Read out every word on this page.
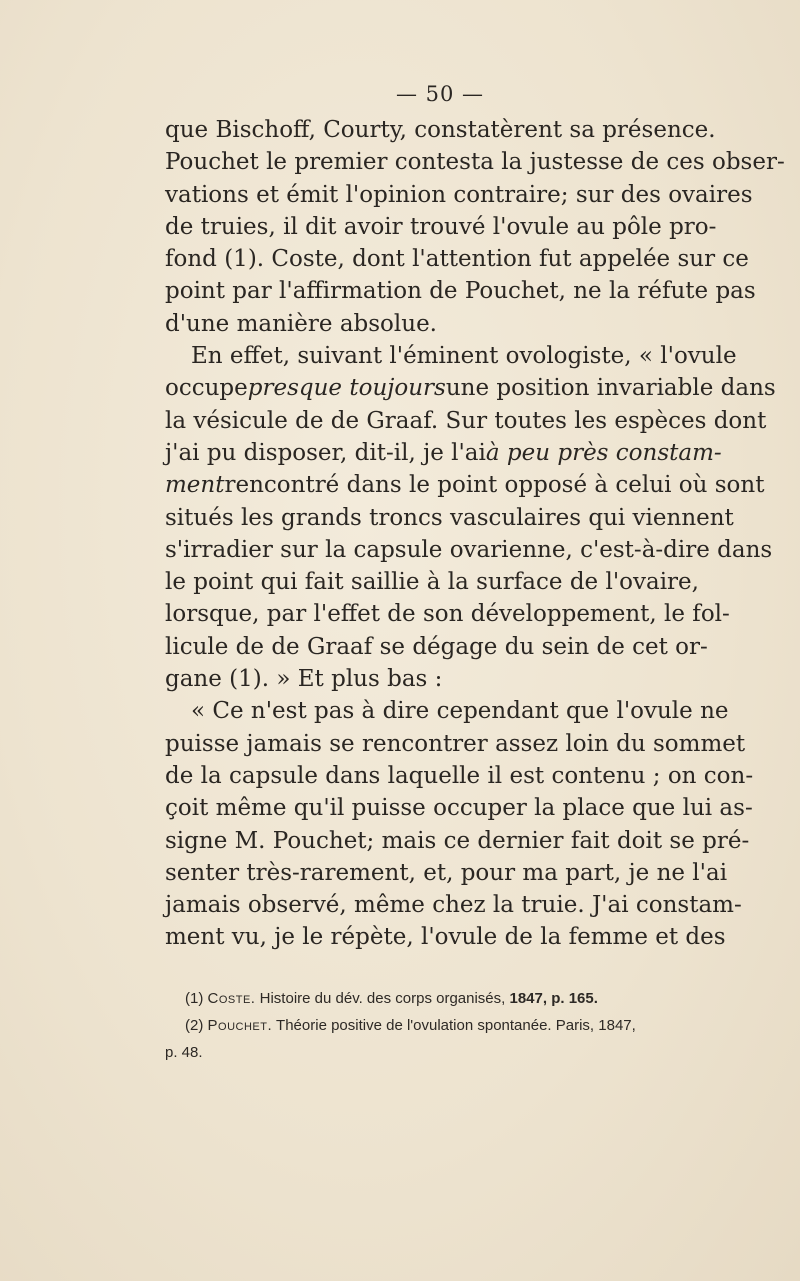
— 50 —
que Bischoff, Courty, constatèrent sa présence.
Pouchet le premier contesta la justesse de ces obser-
vations et émit l'opinion contraire; sur des ovaires
de truies, il dit avoir trouvé l'ovule au pôle pro-
fond (1). Coste, dont l'attention fut appelée sur ce
point par l'affirmation de Pouchet, ne la réfute pas
d'une manière absolue.
En effet, suivant l'éminent ovologiste, « l'ovule
occupe presque toujours une position invariable dans
la vésicule de de Graaf. Sur toutes les espèces dont
j'ai pu disposer, dit-il, je l'ai à peu près constam-
ment rencontré dans le point opposé à celui où sont
situés les grands troncs vasculaires qui viennent
s'irradier sur la capsule ovarienne, c'est-à-dire dans
le point qui fait saillie à la surface de l'ovaire,
lorsque, par l'effet de son développement, le fol-
licule de de Graaf se dégage du sein de cet or-
gane (1). » Et plus bas :
« Ce n'est pas à dire cependant que l'ovule ne
puisse jamais se rencontrer assez loin du sommet
de la capsule dans laquelle il est contenu ; on con-
çoit même qu'il puisse occuper la place que lui as-
signe M. Pouchet; mais ce dernier fait doit se pré-
senter très-rarement, et, pour ma part, je ne l'ai
jamais observé, même chez la truie. J'ai constam-
ment vu, je le répète, l'ovule de la femme et des
(1) Coste. Histoire du dév. des corps organisés, 1847, p. 165.
(2) Pouchet. Théorie positive de l'ovulation spontanée. Paris, 1847,
p. 48.
